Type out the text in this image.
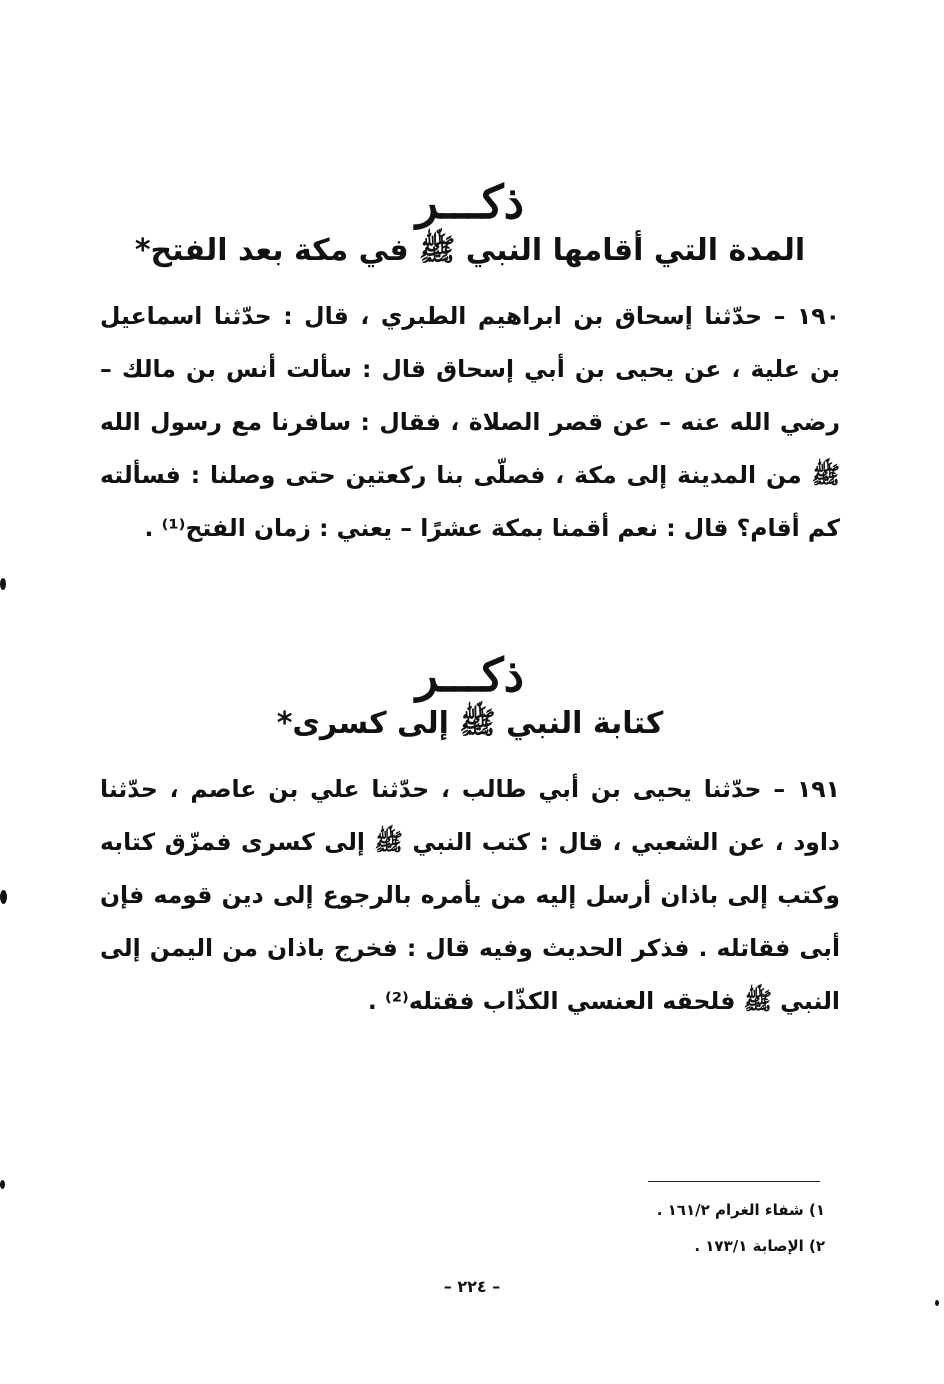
ذكـــر
المدة التي أقامها النبي ﷺ في مكة بعد الفتح*

١٩٠ – حدّثنا إسحاق بن ابراهيم الطبري ، قال : حدّثنا اسماعيل بن علية ، عن يحيى بن أبي إسحاق قال : سألت أنس بن مالك – رضي الله عنه – عن قصر الصلاة ، فقال : سافرنا مع رسول الله ﷺ من المدينة إلى مكة ، فصلّى بنا ركعتين حتى وصلنا : فسألته كم أقام؟ قال : نعم أقمنا بمكة عشرًا – يعني : زمان الفتح⁽¹⁾ .

ذكـــر
كتابة النبي ﷺ إلى كسرى*

١٩١ – حدّثنا يحيى بن أبي طالب ، حدّثنا علي بن عاصم ، حدّثنا داود ، عن الشعبي ، قال : كتب النبي ﷺ إلى كسرى فمزّق كتابه وكتب إلى باذان أرسل إليه من يأمره بالرجوع إلى دين قومه فإن أبى فقاتله . فذكر الحديث وفيه قال : فخرج باذان من اليمن إلى النبي ﷺ فلحقه العنسي الكذّاب فقتله⁽²⁾ .

١) شفاء الغرام ١٦١/٢ .
٢) الإصابة ١٧٣/١ .
– ٢٢٤ –
